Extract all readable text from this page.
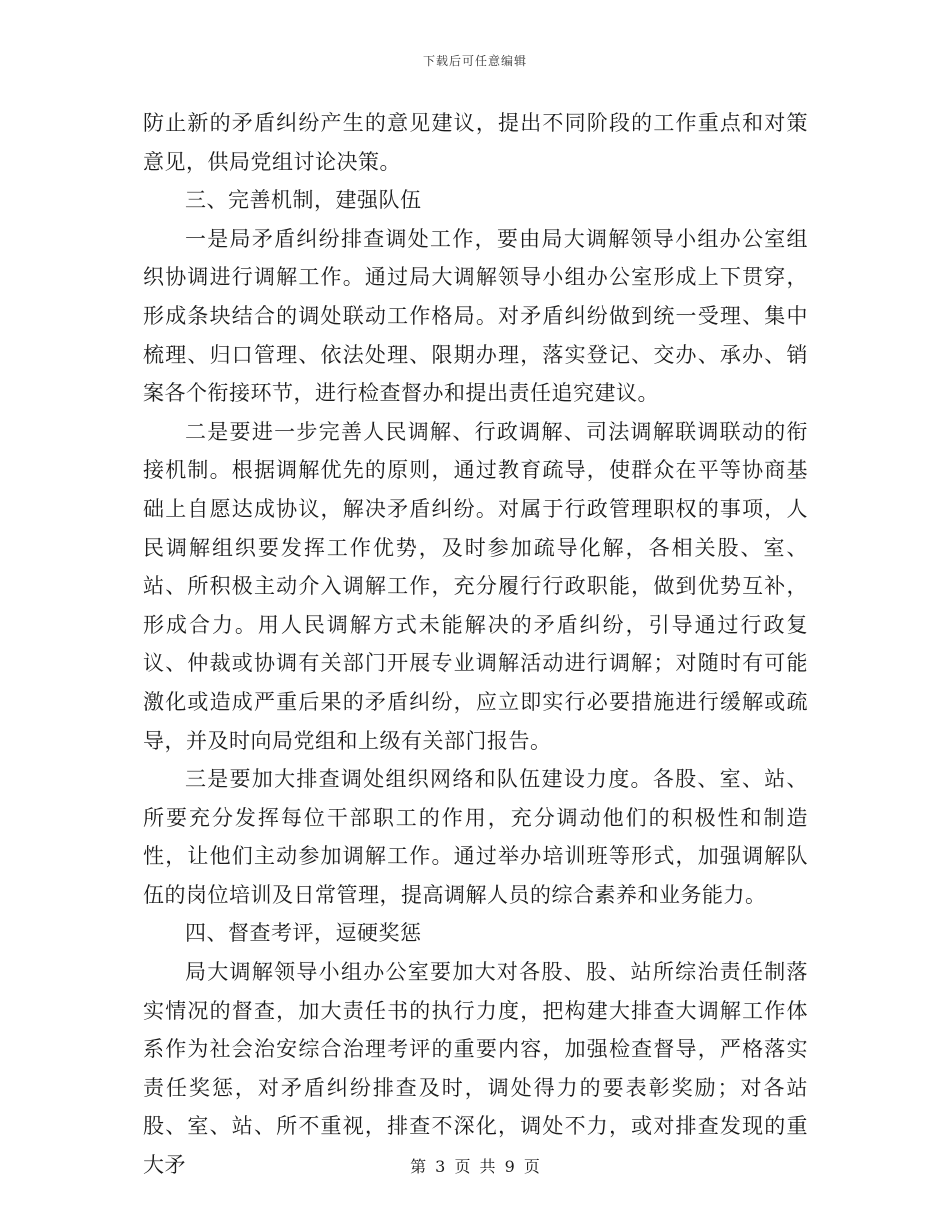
下载后可任意编辑

防止新的矛盾纠纷产生的意见建议，提出不同阶段的工作重点和对策意见，供局党组讨论决策。

三、完善机制，建强队伍

一是局矛盾纠纷排查调处工作，要由局大调解领导小组办公室组织协调进行调解工作。通过局大调解领导小组办公室形成上下贯穿，形成条块结合的调处联动工作格局。对矛盾纠纷做到统一受理、集中梳理、归口管理、依法处理、限期办理，落实登记、交办、承办、销案各个衔接环节，进行检查督办和提出责任追究建议。

二是要进一步完善人民调解、行政调解、司法调解联调联动的衔接机制。根据调解优先的原则，通过教育疏导，使群众在平等协商基础上自愿达成协议，解决矛盾纠纷。对属于行政管理职权的事项，人民调解组织要发挥工作优势，及时参加疏导化解，各相关股、室、站、所积极主动介入调解工作，充分履行行政职能，做到优势互补，形成合力。用人民调解方式未能解决的矛盾纠纷，引导通过行政复议、仲裁或协调有关部门开展专业调解活动进行调解；对随时有可能激化或造成严重后果的矛盾纠纷，应立即实行必要措施进行缓解或疏导，并及时向局党组和上级有关部门报告。

三是要加大排查调处组织网络和队伍建设力度。各股、室、站、所要充分发挥每位干部职工的作用，充分调动他们的积极性和制造性，让他们主动参加调解工作。通过举办培训班等形式，加强调解队伍的岗位培训及日常管理，提高调解人员的综合素养和业务能力。

四、督查考评，逗硬奖惩

局大调解领导小组办公室要加大对各股、股、站所综治责任制落实情况的督查，加大责任书的执行力度，把构建大排查大调解工作体系作为社会治安综合治理考评的重要内容，加强检查督导，严格落实责任奖惩，对矛盾纠纷排查及时，调处得力的要表彰奖励；对各站股、室、站、所不重视，排查不深化，调处不力，或对排查发现的重大矛	第 3 页 共 9 页
